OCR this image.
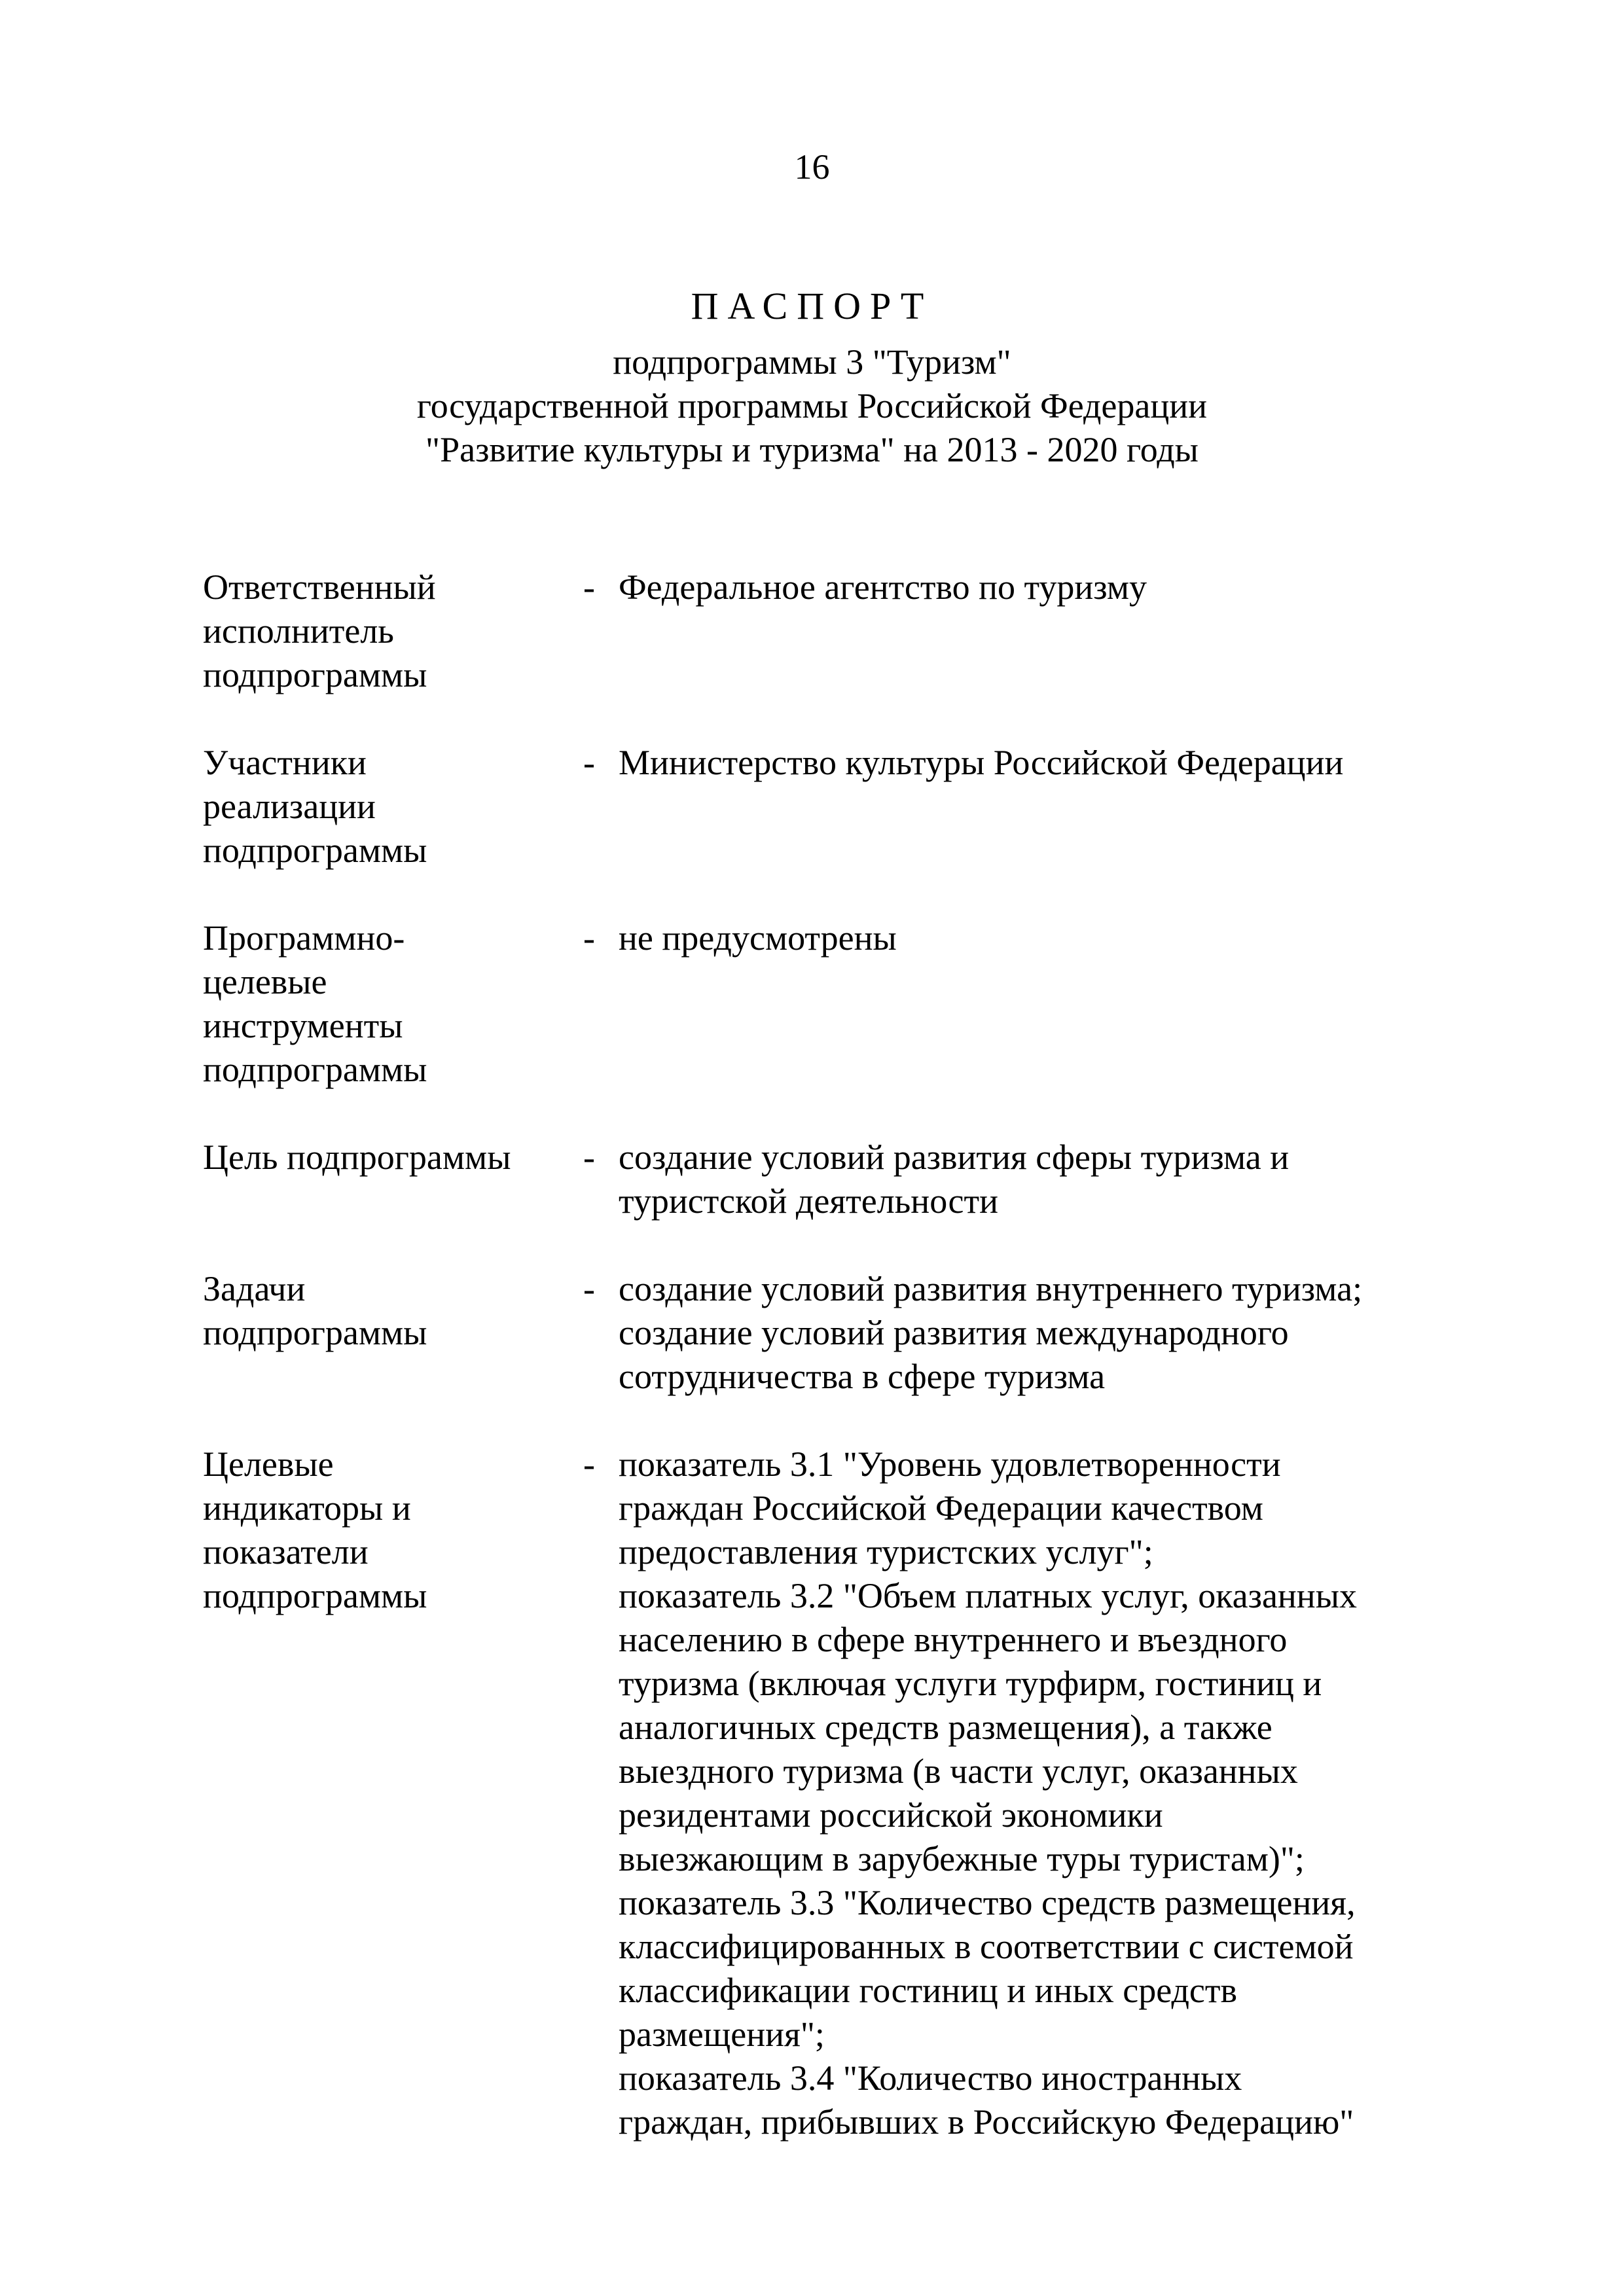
16
ПАСПОРТ
подпрограммы 3 "Туризм"
государственной программы Российской Федерации
"Развитие культуры и туризма" на 2013 - 2020 годы
Ответственный
исполнитель
подпрограммы
- Федеральное агентство по туризму
Участники
реализации
подпрограммы
- Министерство культуры Российской Федерации
Программно-
целевые
инструменты
подпрограммы
- не предусмотрены
Цель подпрограммы	- создание условий развития сферы туризма и
туристской деятельности
Задачи
подпрограммы
- создание условий развития внутреннего туризма;
создание условий развития международного
сотрудничества в сфере туризма
Целевые
индикаторы и
показатели
подпрограммы
- показатель 3.1 "Уровень удовлетворенности
граждан Российской Федерации качеством
предоставления туристских услуг";
показатель 3.2 "Объем платных услуг, оказанных
населению в сфере внутреннего и въездного
туризма (включая услуги турфирм, гостиниц и
аналогичных средств размещения), а также
выездного туризма (в части услуг, оказанных
резидентами российской экономики
выезжающим в зарубежные туры туристам)";
показатель 3.3 "Количество средств размещения,
классифицированных в соответствии с системой
классификации гостиниц и иных средств
размещения";
показатель 3.4 "Количество иностранных
граждан, прибывших в Российскую Федерацию"
